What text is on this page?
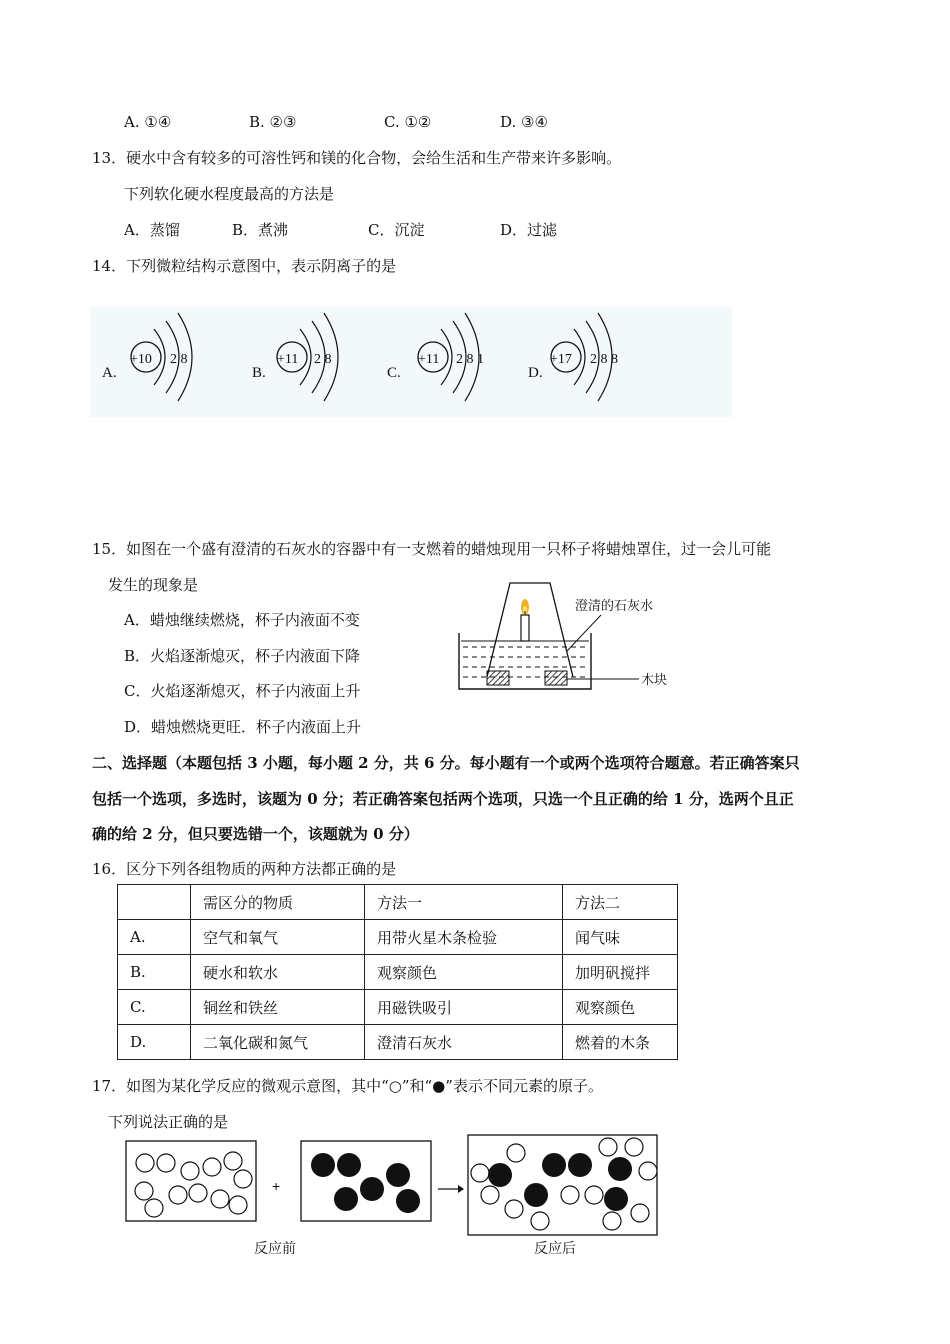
A. ①④	B. ②③	C. ①②	D. ③④
13．硬水中含有较多的可溶性钙和镁的化合物，会给生活和生产带来许多影响。
下列软化硬水程度最高的方法是
A．蒸馏	B．煮沸	C．沉淀	D．过滤
14．下列微粒结构示意图中，表示阴离子的是
A.
+10 2 8
B.
+11 2 8
C.
+11 2 8 1
D.
+17 2 8 8
15．如图在一个盛有澄清的石灰水的容器中有一支燃着的蜡烛现用一只杯子将蜡烛罩住，过一会儿可能
发生的现象是
A．蜡烛继续燃烧，杯子内液面不变
B．火焰逐渐熄灭，杯子内液面下降
C．火焰逐渐熄灭，杯子内液面上升
D．蜡烛燃烧更旺．杯子内液面上升
澄清的石灰水
木块
二、选择题（本题包括 3 小题，每小题 2 分，共 6 分。每小题有一个或两个选项符合题意。若正确答案只
包括一个选项，多选时，该题为 0 分；若正确答案包括两个选项，只选一个且正确的给 1 分，选两个且正
确的给 2 分，但只要选错一个，该题就为 0 分）
16．区分下列各组物质的两种方法都正确的是
	需区分的物质	方法一	方法二
A.	空气和氧气	用带火星木条检验	闻气味
B.	硬水和软水	观察颜色	加明矾搅拌
C.	铜丝和铁丝	用磁铁吸引	观察颜色
D.	二氧化碳和氮气	澄清石灰水	燃着的木条
17．如图为某化学反应的微观示意图，其中“○”和“●”表示不同元素的原子。
下列说法正确的是
+
反应前	反应后
